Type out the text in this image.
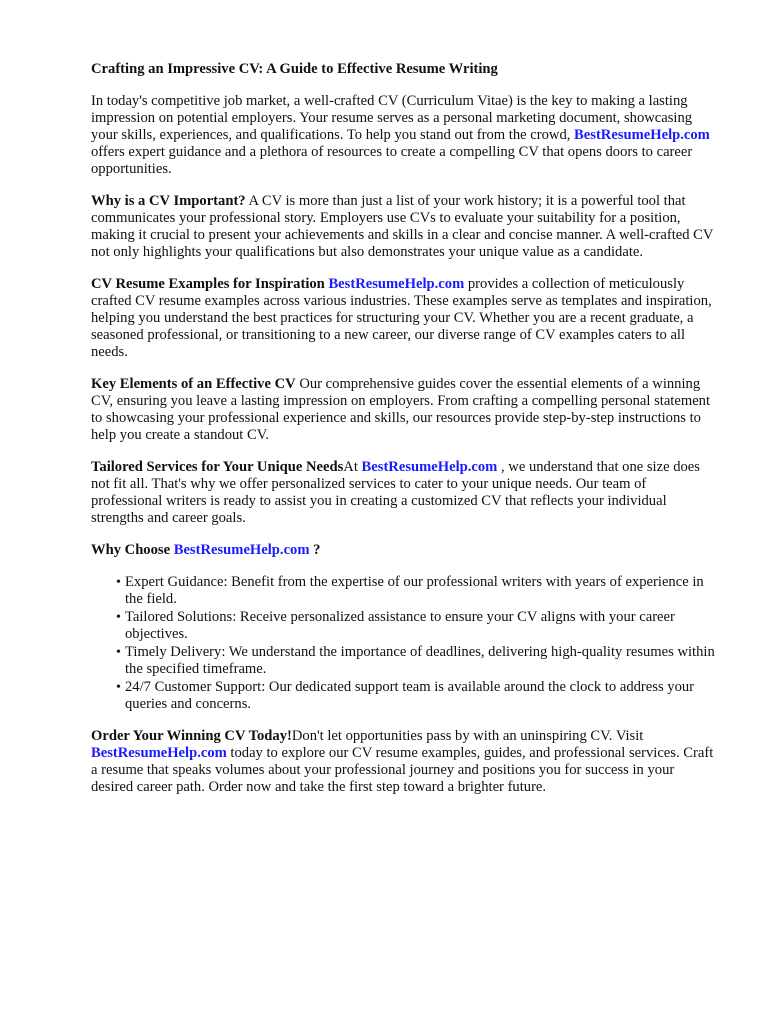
Crafting an Impressive CV: A Guide to Effective Resume Writing

In today's competitive job market, a well-crafted CV (Curriculum Vitae) is the key to making a lasting impression on potential employers. Your resume serves as a personal marketing document, showcasing your skills, experiences, and qualifications. To help you stand out from the crowd, BestResumeHelp.com offers expert guidance and a plethora of resources to create a compelling CV that opens doors to career opportunities.

Why is a CV Important? A CV is more than just a list of your work history; it is a powerful tool that communicates your professional story. Employers use CVs to evaluate your suitability for a position, making it crucial to present your achievements and skills in a clear and concise manner. A well-crafted CV not only highlights your qualifications but also demonstrates your unique value as a candidate.

CV Resume Examples for Inspiration BestResumeHelp.com provides a collection of meticulously crafted CV resume examples across various industries. These examples serve as templates and inspiration, helping you understand the best practices for structuring your CV. Whether you are a recent graduate, a seasoned professional, or transitioning to a new career, our diverse range of CV examples caters to all needs.

Key Elements of an Effective CV Our comprehensive guides cover the essential elements of a winning CV, ensuring you leave a lasting impression on employers. From crafting a compelling personal statement to showcasing your professional experience and skills, our resources provide step-by-step instructions to help you create a standout CV.

Tailored Services for Your Unique NeedsAt BestResumeHelp.com , we understand that one size does not fit all. That's why we offer personalized services to cater to your unique needs. Our team of professional writers is ready to assist you in creating a customized CV that reflects your individual strengths and career goals.

Why Choose BestResumeHelp.com ?
• Expert Guidance: Benefit from the expertise of our professional writers with years of experience in the field.
• Tailored Solutions: Receive personalized assistance to ensure your CV aligns with your career objectives.
• Timely Delivery: We understand the importance of deadlines, delivering high-quality resumes within the specified timeframe.
• 24/7 Customer Support: Our dedicated support team is available around the clock to address your queries and concerns.

Order Your Winning CV Today!Don't let opportunities pass by with an uninspiring CV. Visit BestResumeHelp.com today to explore our CV resume examples, guides, and professional services. Craft a resume that speaks volumes about your professional journey and positions you for success in your desired career path. Order now and take the first step toward a brighter future.
